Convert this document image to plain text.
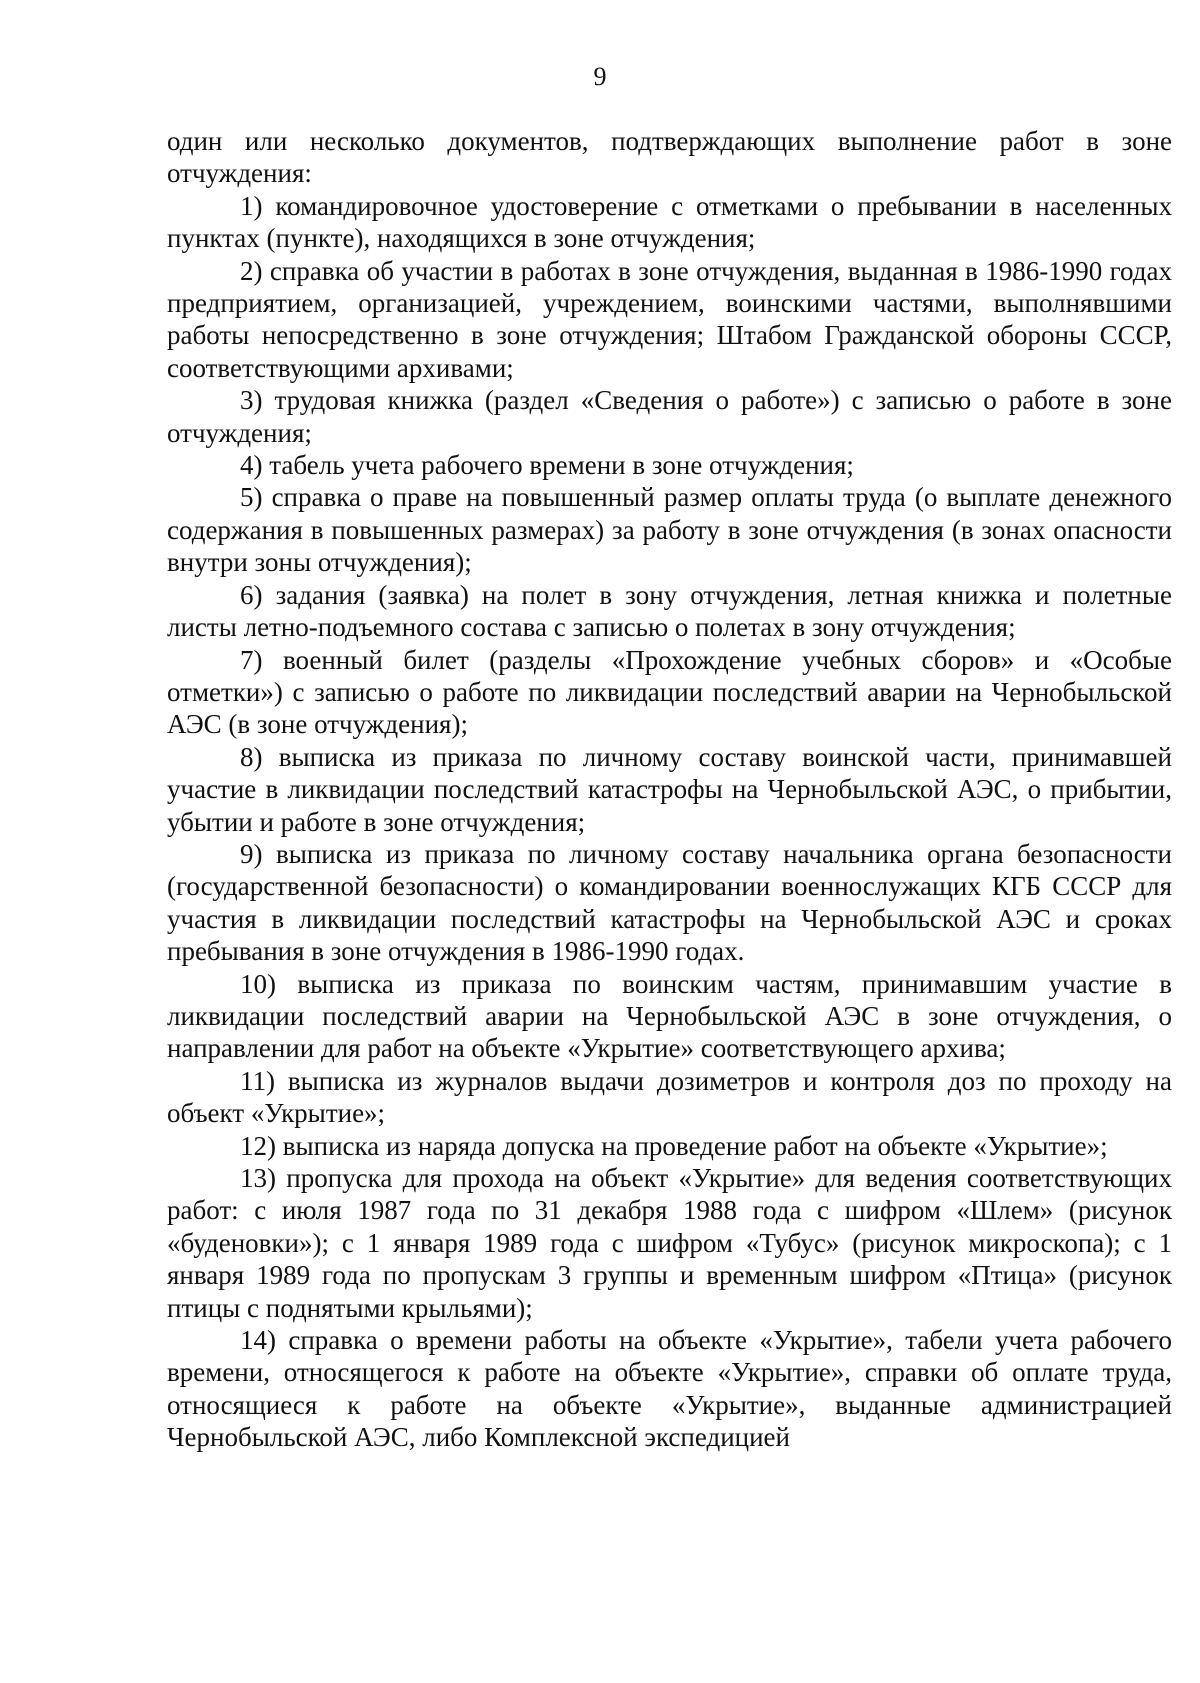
9

один или несколько документов, подтверждающих выполнение работ в зоне отчуждения:

1) командировочное удостоверение с отметками о пребывании в населенных пунктах (пункте), находящихся в зоне отчуждения;

2) справка об участии в работах в зоне отчуждения, выданная в 1986-1990 годах предприятием, организацией, учреждением, воинскими частями, выполнявшими работы непосредственно в зоне отчуждения; Штабом Гражданской обороны СССР, соответствующими архивами;

3) трудовая книжка (раздел «Сведения о работе») с записью о работе в зоне отчуждения;

4) табель учета рабочего времени в зоне отчуждения;

5) справка о праве на повышенный размер оплаты труда (о выплате денежного содержания в повышенных размерах) за работу в зоне отчуждения (в зонах опасности внутри зоны отчуждения);

6) задания (заявка) на полет в зону отчуждения, летная книжка и полетные листы летно-подъемного состава с записью о полетах в зону отчуждения;

7) военный билет (разделы «Прохождение учебных сборов» и «Особые отметки») с записью о работе по ликвидации последствий аварии на Чернобыльской АЭС (в зоне отчуждения);

8) выписка из приказа по личному составу воинской части, принимавшей участие в ликвидации последствий катастрофы на Чернобыльской АЭС, о прибытии, убытии и работе в зоне отчуждения;

9) выписка из приказа по личному составу начальника органа безопасности (государственной безопасности) о командировании военнослужащих КГБ СССР для участия в ликвидации последствий катастрофы на Чернобыльской АЭС и сроках пребывания в зоне отчуждения в 1986-1990 годах.

10) выписка из приказа по воинским частям, принимавшим участие в ликвидации последствий аварии на Чернобыльской АЭС в зоне отчуждения, о направлении для работ на объекте «Укрытие» соответствующего архива;

11) выписка из журналов выдачи дозиметров и контроля доз по проходу на объект «Укрытие»;

12) выписка из наряда допуска на проведение работ на объекте «Укрытие»;

13) пропуска для прохода на объект «Укрытие» для ведения соответствующих работ: с июля 1987 года по 31 декабря 1988 года с шифром «Шлем» (рисунок «буденовки»); с 1 января 1989 года с шифром «Тубус» (рисунок микроскопа); с 1 января 1989 года по пропускам 3 группы и временным шифром «Птица» (рисунок птицы с поднятыми крыльями);

14) справка о времени работы на объекте «Укрытие», табели учета рабочего времени, относящегося к работе на объекте «Укрытие», справки об оплате труда, относящиеся к работе на объекте «Укрытие», выданные администрацией Чернобыльской АЭС, либо Комплексной экспедицией
